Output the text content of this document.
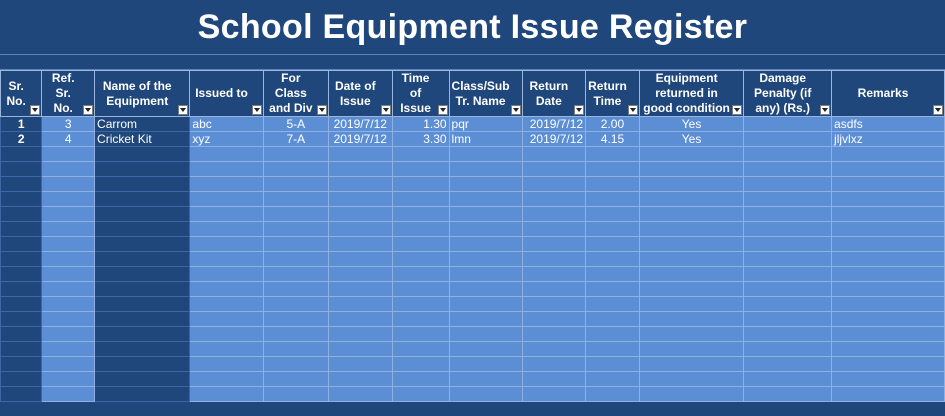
School Equipment Issue Register
Sr. No.	Ref. Sr. No.	Name of the Equipment	Issued to	For Class and Div	Date of Issue	Time of Issue	Class/Sub Tr. Name	Return Date	Return Time	Equipment returned in good condition	Damage Penalty (if any) (Rs.)	Remarks

1	3	Carrom	abc	5-A	2019/7/12	1.30	pqr	2019/7/12	2.00	Yes		asdfs
2	4	Cricket Kit	xyz	7-A	2019/7/12	3.30	lmn	2019/7/12	4.15	Yes		jljvlxz
